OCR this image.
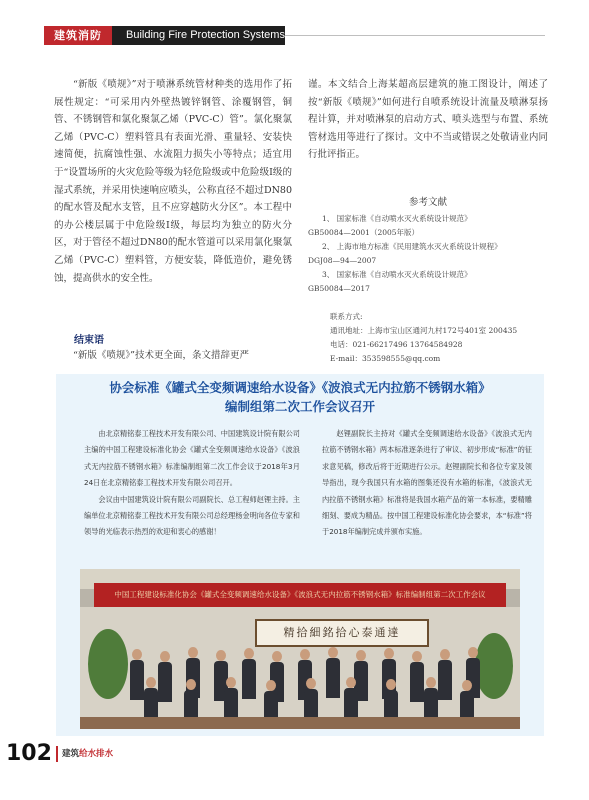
建筑消防	Building Fire Protection Systems

“新版《喷规》”对于喷淋系统管材种类的选用作了拓展性规定：“可采用内外壁热镀锌钢管、涂覆钢管，铜管、不锈钢管和氯化聚氯乙烯（PVC-C）管”。氯化聚氯乙烯（PVC-C）塑料管具有表面光滑、重量轻、安装快速简便，抗腐蚀性强、水流阻力损失小等特点；适宜用于“设置场所的火灾危险等级为轻危险级或中危险级Ⅰ级的湿式系统，并采用快速响应喷头，公称直径不超过DN80的配水管及配水支管，且不应穿越防火分区”。本工程中的办公楼层属于中危险级Ⅰ级，每层均为独立的防火分区，对于管径不超过DN80的配水管道可以采用氯化聚氯乙烯（PVC-C）塑料管，方便安装，降低造价，避免锈蚀，提高供水的安全性。

结束语
“新版《喷规》”技术更全面，条文措辞更严

谨。本文结合上海某超高层建筑的施工图设计，阐述了按“新版《喷规》”如何进行自喷系统设计流量及喷淋泵扬程计算，并对喷淋泵的启动方式、喷头选型与布置、系统管材选用等进行了探讨。文中不当或错误之处敬请业内同行批评指正。

参考文献
1、 国家标准《自动喷水灭火系统设计规范》
GB50084—2001（2005年版）
2、 上海市地方标准《民用建筑水灭火系统设计规程》
DGJ08—94—2007
3、 国家标准《自动喷水灭火系统设计规范》
GB50084—2017
联系方式:
通讯地址：上海市宝山区通河九村172号401室 200435
电话：021-66217496 13764584928
E-mail：353598555@qq.com
协会标准《罐式全变频调速给水设备》《波浪式无内拉筋不锈钢水箱》
编制组第二次工作会议召开

由北京精铭泰工程技术开发有限公司、中国建筑设计院有限公司主编的中国工程建设标准化协会《罐式全变频调速给水设备》《波浪式无内拉筋不锈钢水箱》标准编制组第二次工作会议于2018年3月24日在北京精铭泰工程技术开发有限公司召开。

会议由中国建筑设计院有限公司副院长、总工程师赵锂主持。主编单位北京精铭泰工程技术开发有限公司总经理杨金明向各位专家和领导的光临表示热烈的欢迎和衷心的感谢！

赵锂副院长主持对《罐式全变频调速给水设备》《波浪式无内拉筋不锈钢水箱》两本标准逐条进行了审议、初步形成“标准”的征求意见稿，修改后将于近期进行公示。赵锂副院长和各位专家及领导指出，现今我国只有水箱的图集还没有水箱的标准，《波浪式无内拉筋不锈钢水箱》标准将是我国水箱产品的第一本标准，要精雕细刻、要成为精品。按中国工程建设标准化协会要求，本“标准”将于2018年编制完成并颁布实施。

中国工程建设标准化协会《罐式全变频调速给水设备》《波浪式无内拉筋不锈钢水箱》标准编制组第二次工作会议
精拾細銘拾心泰通達
102 建筑给水排水
